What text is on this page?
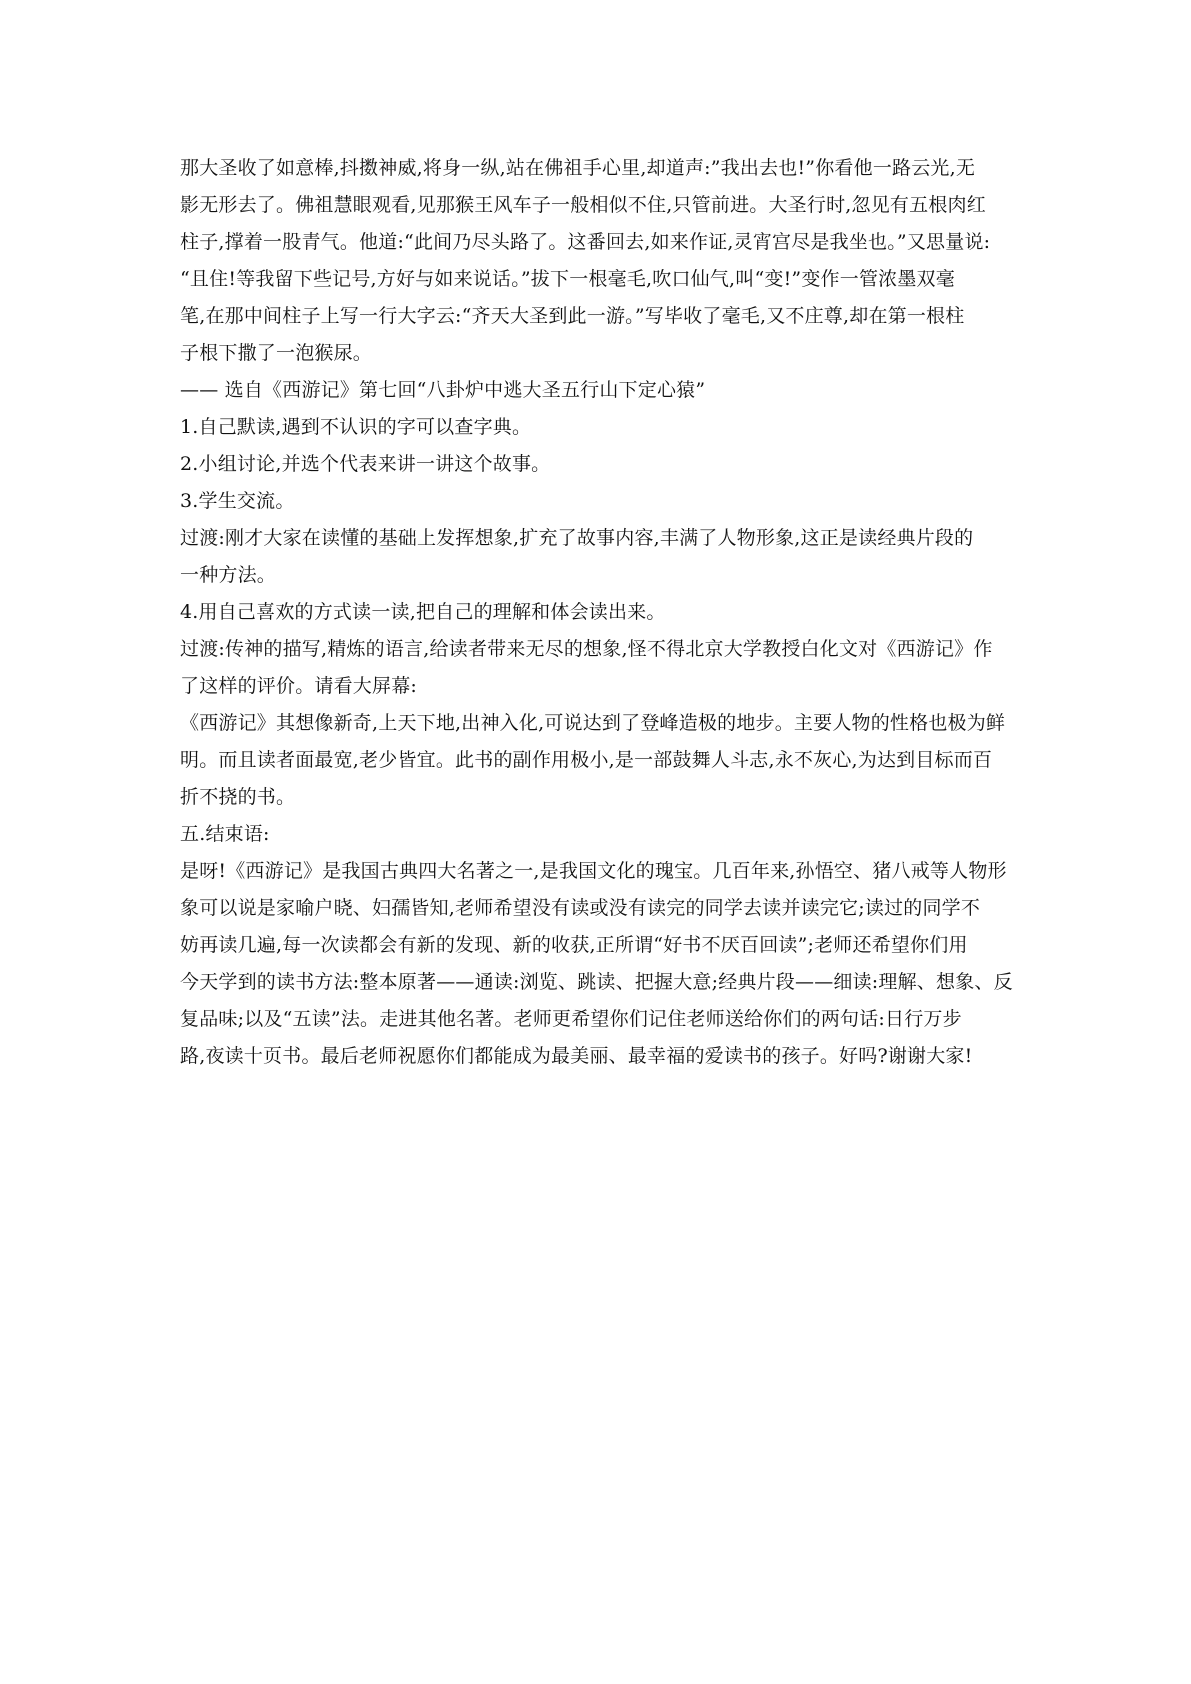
那大圣收了如意棒,抖擞神威,将身一纵,站在佛祖手心里,却道声:”我出去也!”你看他一路云光,无
影无形去了。佛祖慧眼观看,见那猴王风车子一般相似不住,只管前进。大圣行时,忽见有五根肉红
柱子,撑着一股青气。他道:“此间乃尽头路了。这番回去,如来作证,灵宵宫尽是我坐也。”又思量说:
“且住!等我留下些记号,方好与如来说话。”拔下一根毫毛,吹口仙气,叫“变!”变作一管浓墨双毫
笔,在那中间柱子上写一行大字云:“齐天大圣到此一游。”写毕收了毫毛,又不庄尊,却在第一根柱
子根下撒了一泡猴尿。

—— 选自《西游记》第七回“八卦炉中逃大圣五行山下定心猿”

1.自己默读,遇到不认识的字可以查字典。

2.小组讨论,并选个代表来讲一讲这个故事。

3.学生交流。

过渡:刚才大家在读懂的基础上发挥想象,扩充了故事内容,丰满了人物形象,这正是读经典片段的
一种方法。

4.用自己喜欢的方式读一读,把自己的理解和体会读出来。

过渡:传神的描写,精炼的语言,给读者带来无尽的想象,怪不得北京大学教授白化文对《西游记》作
了这样的评价。请看大屏幕:

《西游记》其想像新奇,上天下地,出神入化,可说达到了登峰造极的地步。主要人物的性格也极为鲜
明。而且读者面最宽,老少皆宜。此书的副作用极小,是一部鼓舞人斗志,永不灰心,为达到目标而百
折不挠的书。

五.结束语:

是呀!《西游记》是我国古典四大名著之一,是我国文化的瑰宝。几百年来,孙悟空、猪八戒等人物形
象可以说是家喻户晓、妇孺皆知,老师希望没有读或没有读完的同学去读并读完它;读过的同学不
妨再读几遍,每一次读都会有新的发现、新的收获,正所谓“好书不厌百回读”;老师还希望你们用
今天学到的读书方法:整本原著——通读:浏览、跳读、把握大意;经典片段——细读:理解、想象、反
复品味;以及“五读”法。走进其他名著。老师更希望你们记住老师送给你们的两句话:日行万步
路,夜读十页书。最后老师祝愿你们都能成为最美丽、最幸福的爱读书的孩子。好吗?谢谢大家!
